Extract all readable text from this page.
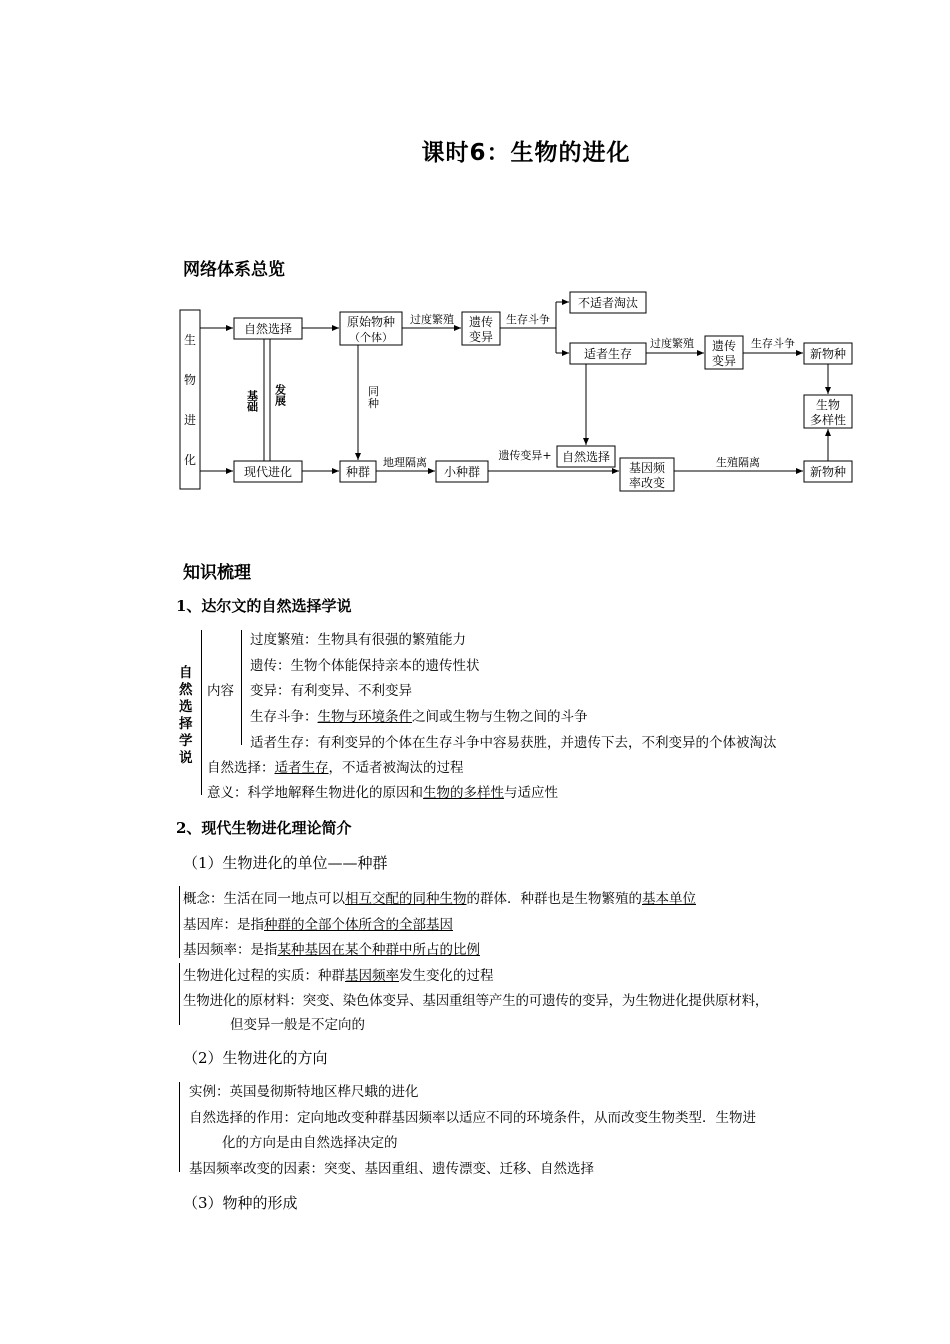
课时6：生物的进化
网络体系总览
生
物
进
化
自然选择
现代进化
基础 发展
原始物种
（个体）
过度繁殖 遗传
变异
生存斗争
不适者淘汰
适者生存
过度繁殖 遗传
变异
生存斗争
新物种
生物
多样性
同
种
种群
地理隔离
小种群
遗传变异+ 自然选择
基因频
率改变
生殖隔离
新物种
知识梳理
1、达尔文的自然选择学说
自然选择学说
内容
过度繁殖：生物具有很强的繁殖能力
遗传：生物个体能保持亲本的遗传性状
变异：有利变异、不利变异
生存斗争：生物与环境条件之间或生物与生物之间的斗争
适者生存：有利变异的个体在生存斗争中容易获胜，并遗传下去，不利变异的个体被淘汰
自然选择：适者生存，不适者被淘汰的过程
意义：科学地解释生物进化的原因和生物的多样性与适应性
2、现代生物进化理论简介
（1）生物进化的单位——种群
概念：生活在同一地点可以相互交配的同种生物的群体．种群也是生物繁殖的基本单位
基因库：是指种群的全部个体所含的全部基因
基因频率：是指某种基因在某个种群中所占的比例
生物进化过程的实质：种群基因频率发生变化的过程
生物进化的原材料：突变、染色体变异、基因重组等产生的可遗传的变异，为生物进化提供原材料，
但变异一般是不定向的
（2）生物进化的方向
实例：英国曼彻斯特地区桦尺蛾的进化
自然选择的作用：定向地改变种群基因频率以适应不同的环境条件，从而改变生物类型．生物进
化的方向是由自然选择决定的
基因频率改变的因素：突变、基因重组、遗传漂变、迁移、自然选择
（3）物种的形成
